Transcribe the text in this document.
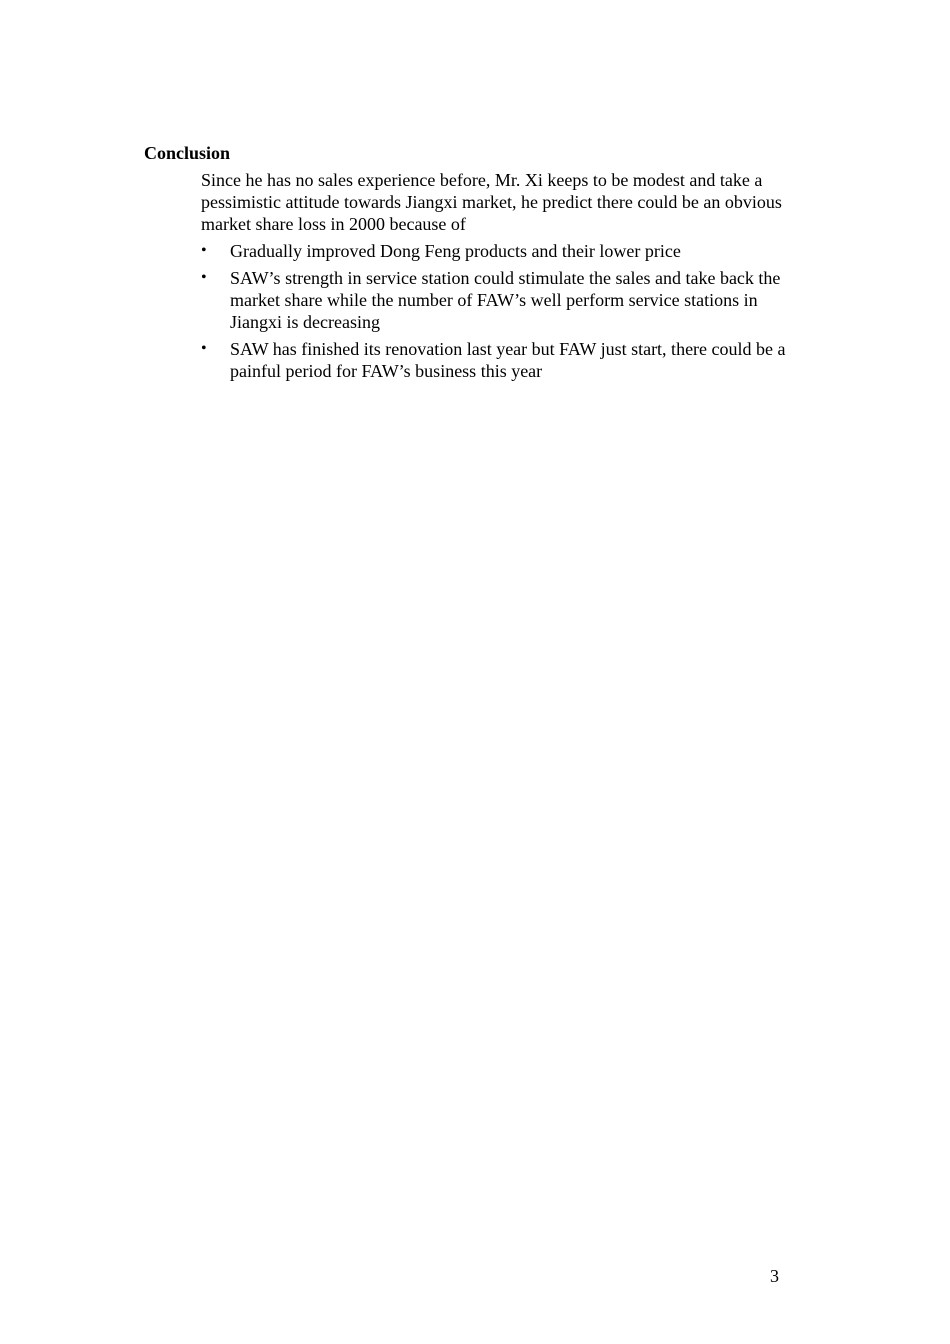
Conclusion

Since he has no sales experience before, Mr. Xi keeps to be modest and take a pessimistic attitude towards Jiangxi market, he predict there could be an obvious market share loss in 2000 because of

• Gradually improved Dong Feng products and their lower price
• SAW’s strength in service station could stimulate the sales and take back the market share while the number of FAW’s well perform service stations in Jiangxi is decreasing
• SAW has finished its renovation last year but FAW just start, there could be a painful period for FAW’s business this year
3
